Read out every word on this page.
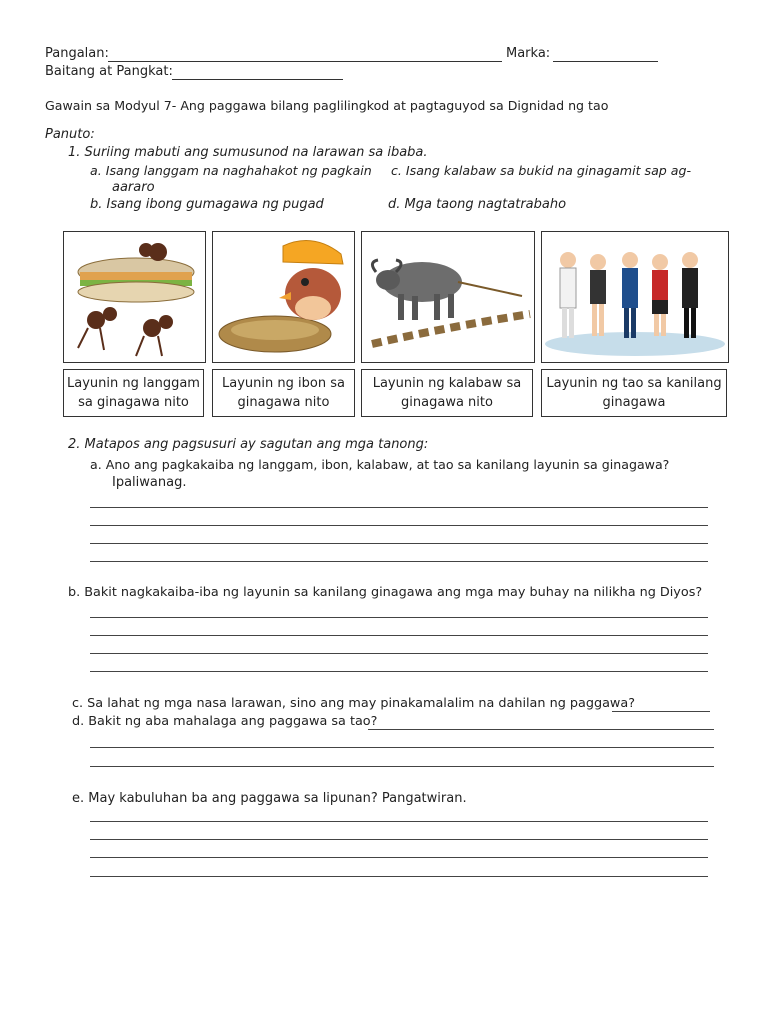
Pangalan:	Marka:
Baitang at Pangkat:
Gawain sa Modyul 7- Ang paggawa bilang paglilingkod at pagtaguyod sa Dignidad ng tao
Panuto:
1. Suriing mabuti ang sumusunod na larawan sa ibaba.
a. Isang langgam na naghahakot ng pagkain c. Isang kalabaw sa bukid na ginagamit sap ag-
aararo
b. Isang ibong gumagawa ng pugad	d. Mga taong nagtatrabaho
Layunin ng langgam sa ginagawa nito
Layunin ng ibon sa ginagawa nito
Layunin ng kalabaw sa ginagawa nito
Layunin ng tao sa kanilang ginagawa
2. Matapos ang pagsusuri ay sagutan ang mga tanong:
a. Ano ang pagkakaiba ng langgam, ibon, kalabaw, at tao sa kanilang layunin sa ginagawa?
Ipaliwanag.
b. Bakit nagkakaiba-iba ng layunin sa kanilang ginagawa ang mga may buhay na nilikha ng Diyos?
c. Sa lahat ng mga nasa larawan, sino ang may pinakamalalim na dahilan ng paggawa?
d. Bakit ng aba mahalaga ang paggawa sa tao?
e. May kabuluhan ba ang paggawa sa lipunan? Pangatwiran.
